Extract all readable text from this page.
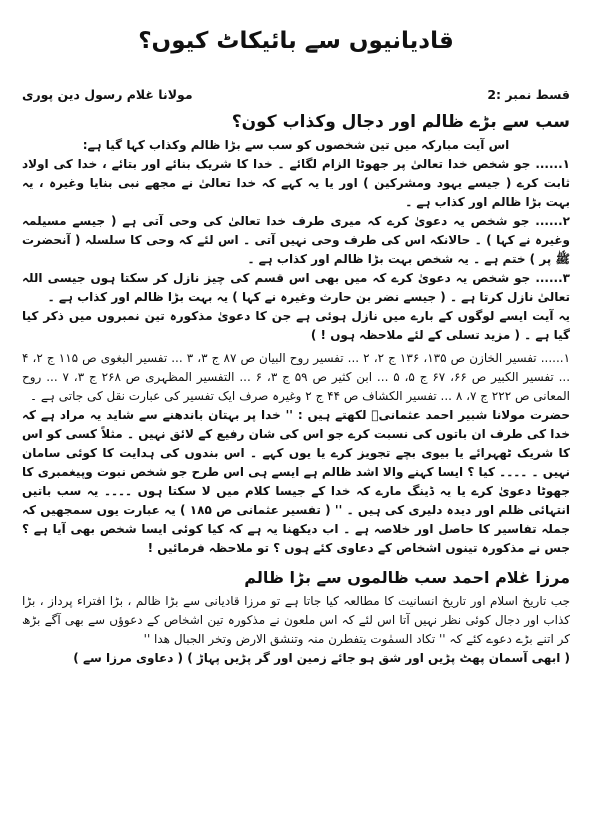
قادیانیوں سے بائیکاٹ کیوں؟
قسط نمبر :2
مولانا غلام رسول دین پوری
سب سے بڑے ظالم اور دجال وکذاب کون؟

اس آیت مبارکہ میں تین شخصوں کو سب سے بڑا ظالم وکذاب کہا گیا ہے:

۱...... جو شخص خدا تعالیٰ پر جھوٹا الزام لگائے ۔ خدا کا شریک بنائے اور بتائے ، خدا کی اولاد ثابت کرے ( جیسے یہود ومشرکین ) اور یا یہ کہے کہ خدا تعالیٰ نے مجھے نبی بنایا وغیرہ ، یہ بہت بڑا ظالم اور کذاب ہے ۔

۲...... جو شخص یہ دعویٰ کرے کہ میری طرف خدا تعالیٰ کی وحی آتی ہے ( جیسے مسیلمہ وغیرہ نے کہا ) ۔ حالانکہ اس کی طرف وحی نہیں آتی ۔ اس لئے کہ وحی کا سلسلہ ( آنحضرت ﷺ پر ) ختم ہے ۔ یہ شخص بہت بڑا ظالم اور کذاب ہے ۔

۳...... جو شخص یہ دعویٰ کرے کہ میں بھی اس قسم کی چیز نازل کر سکتا ہوں جیسی اللہ تعالیٰ نازل کرتا ہے ۔ ( جیسے نضر بن حارث وغیرہ نے کہا ) یہ بہت بڑا ظالم اور کذاب ہے ۔

یہ آیت ایسے لوگوں کے بارے میں نازل ہوئی ہے جن کا دعویٰ مذکورہ تین نمبروں میں ذکر کیا گیا ہے ۔ ( مزید تسلی کے لئے ملاحظہ ہوں ! )

۱...... تفسیر الخازن ص ۱۳۵، ۱۳۶ ج ۲، ۲ ... تفسیر روح البیان ص ۸۷ ج ۳، ۳ ... تفسیر البغوی ص ۱۱۵ ج ۲، ۴ ... تفسیر الکبیر ص ۶۶، ۶۷ ج ۵، ۵ ... ابن کثیر ص ۵۹ ج ۳، ۶ ... التفسیر المظہری ص ۲۶۸ ج ۳، ۷ ... روح المعانی ص ۲۲۲ ج ۷، ۸ ... تفسیر الکشاف ص ۴۴ ج ۲ وغیرہ صرف ایک تفسیر کی عبارت نقل کی جاتی ہے ۔

حضرت مولانا شبیر احمد عثمانیؒ لکھتے ہیں : '' خدا پر بہتان باندھنے سے شاید یہ مراد ہے کہ خدا کی طرف ان باتوں کی نسبت کرے جو اس کی شان رفیع کے لائق نہیں ۔ مثلاً کسی کو اس کا شریک ٹھہرائے یا بیوی بچے تجویز کرے یا یوں کہے ۔ اس بندوں کی ہدایت کا کوئی سامان نہیں ۔ ۔۔۔۔ کیا ؟ ایسا کہنے والا اشد ظالم ہے ایسے ہی اس طرح جو شخص نبوت وپیغمبری کا جھوٹا دعویٰ کرے یا یہ ڈینگ مارے کہ خدا کے جیسا کلام میں لا سکتا ہوں ۔۔۔۔ یہ سب باتیں انتہائی ظلم اور دیدہ دلیری کی ہیں ۔ '' ( تفسیر عثمانی ص ۱۸۵ ) یہ عبارت یوں سمجھیں کہ جملہ تفاسیر کا حاصل اور خلاصہ ہے ۔ اب دیکھنا یہ ہے کہ کیا کوئی ایسا شخص بھی آیا ہے ؟ جس نے مذکورہ تینوں اشخاص کے دعاوی کئے ہوں ؟ تو ملاحظہ فرمائیں !

مرزا غلام احمد سب ظالموں سے بڑا ظالم

جب تاریخ اسلام اور تاریخ انسانیت کا مطالعہ کیا جاتا ہے تو مرزا قادیانی سے بڑا ظالم ، بڑا افتراء پرداز ، بڑا کذاب اور دجال کوئی نظر نہیں آتا اس لئے کہ اس ملعون نے مذکورہ تین اشخاص کے دعوؤں سے بھی آگے بڑھ کر اتنے بڑے دعوے کئے کہ '' تکاد السمٰوت یتفطرن منہ وتنشق الارض وتخر الجبال ھدا ''

( ابھی آسمان پھٹ پڑیں اور شق ہو جائے زمین اور گر پڑیں پہاڑ ) ( دعاوی مرزا سے )
